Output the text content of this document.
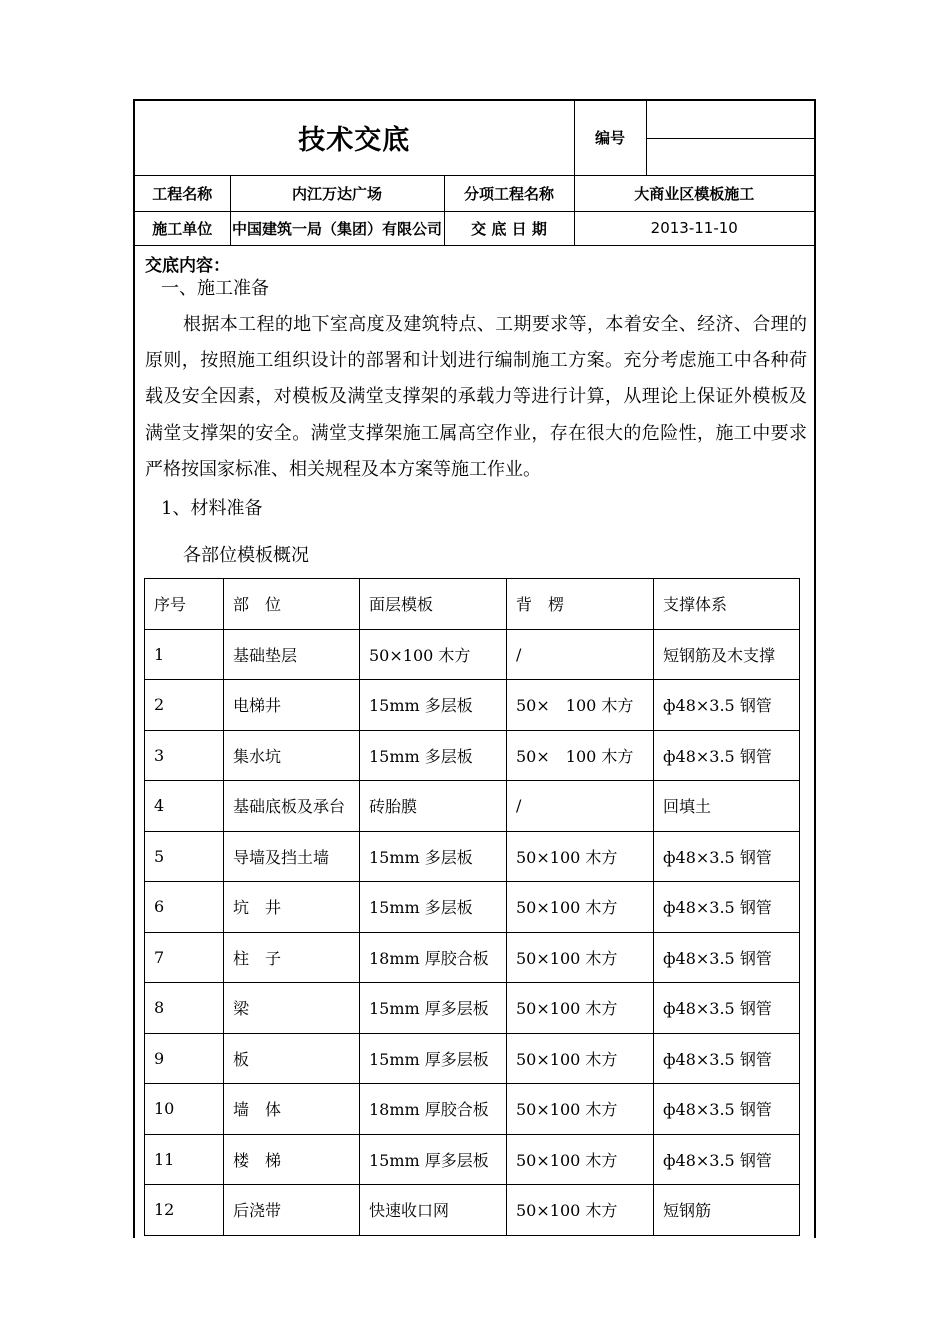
技术交底			编号	

工程名称	内江万达广场	分项工程名称	大商业区模板施工	
施工单位	中国建筑一局（集团）有限公司	交 底 日 期	2013-11-10	
交底内容：
一、施工准备

根据本工程的地下室高度及建筑特点、工期要求等，本着安全、经济、合理的原则，按照施工组织设计的部署和计划进行编制施工方案。充分考虑施工中各种荷载及安全因素，对模板及满堂支撑架的承载力等进行计算，从理论上保证外模板及满堂支撑架的安全。满堂支撑架施工属高空作业，存在很大的危险性，施工中要求严格按国家标准、相关规程及本方案等施工作业。

1、材料准备
各部位模板概况
序号	部　位	面层模板	背　楞	支撑体系
1	基础垫层	50×100 木方	/	短钢筋及木支撑
2	电梯井	15mm 多层板	50×　100 木方	ф48×3.5 钢管
3	集水坑	15mm 多层板	50×　100 木方	ф48×3.5 钢管
4	基础底板及承台	砖胎膜	/	回填土
5	导墙及挡土墙	15mm 多层板	50×100 木方	ф48×3.5 钢管
6	坑　井	15mm 多层板	50×100 木方	ф48×3.5 钢管
7	柱　子	18mm 厚胶合板	50×100 木方	ф48×3.5 钢管
8	梁	15mm 厚多层板	50×100 木方	ф48×3.5 钢管
9	板	15mm 厚多层板	50×100 木方	ф48×3.5 钢管
10	墙　体	18mm 厚胶合板	50×100 木方	ф48×3.5 钢管
11	楼　梯	15mm 厚多层板	50×100 木方	ф48×3.5 钢管
12	后浇带	快速收口网	50×100 木方	短钢筋
